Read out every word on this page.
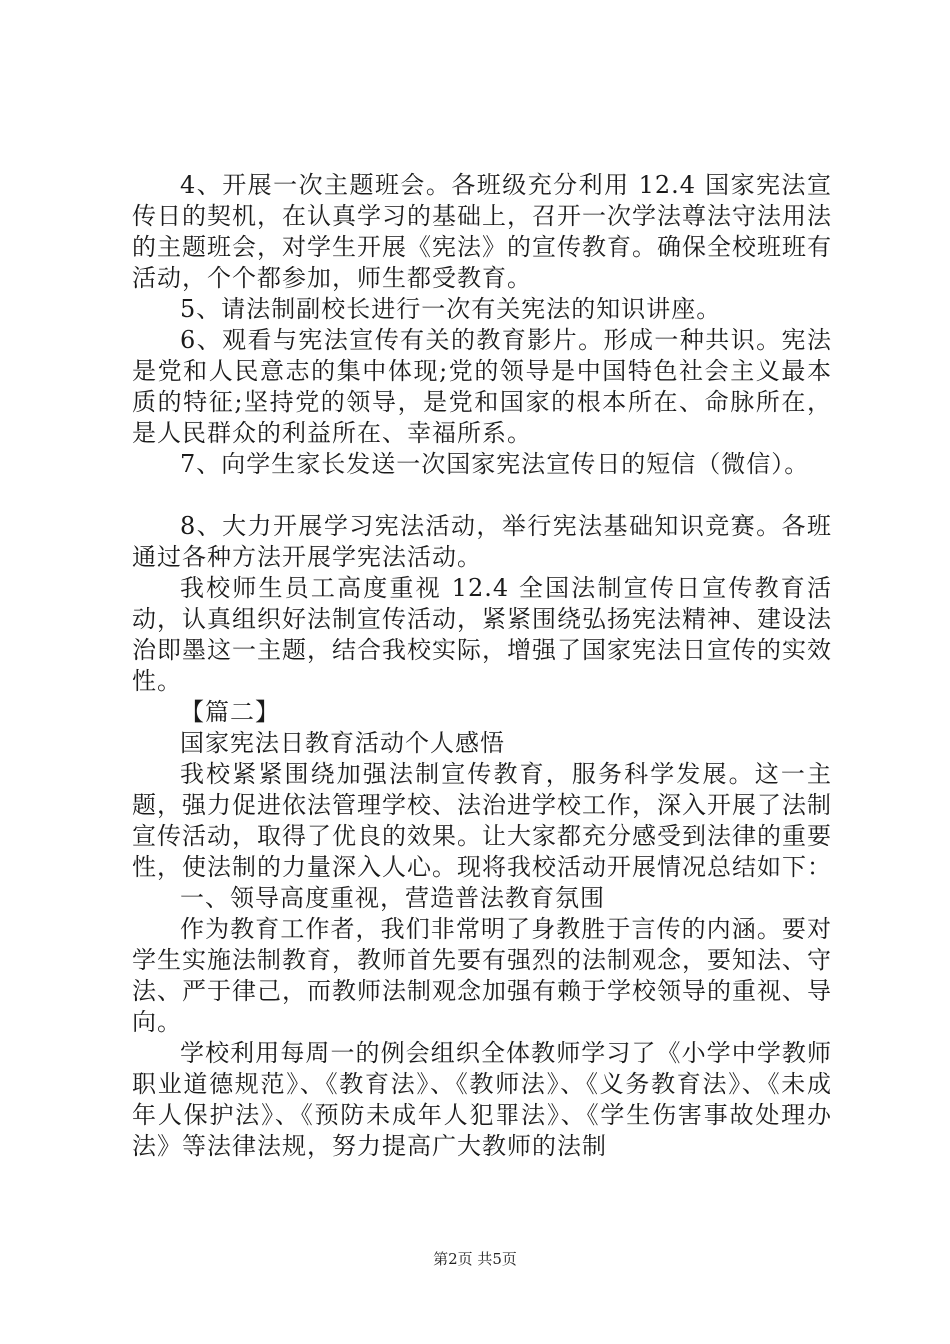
4、开展一次主题班会。各班级充分利用 12.4 国家宪法宣传日的契机，在认真学习的基础上，召开一次学法尊法守法用法的主题班会，对学生开展《宪法》的宣传教育。确保全校班班有活动，个个都参加，师生都受教育。

5、请法制副校长进行一次有关宪法的知识讲座。

6、观看与宪法宣传有关的教育影片。形成一种共识。宪法是党和人民意志的集中体现;党的领导是中国特色社会主义最本质的特征;坚持党的领导，是党和国家的根本所在、命脉所在，是人民群众的利益所在、幸福所系。

7、向学生家长发送一次国家宪法宣传日的短信（微信）。

8、大力开展学习宪法活动，举行宪法基础知识竞赛。各班通过各种方法开展学宪法活动。

我校师生员工高度重视 12.4 全国法制宣传日宣传教育活动，认真组织好法制宣传活动，紧紧围绕弘扬宪法精神、建设法治即墨这一主题，结合我校实际，增强了国家宪法日宣传的实效性。

【篇二】

国家宪法日教育活动个人感悟

我校紧紧围绕加强法制宣传教育，服务科学发展。这一主题，强力促进依法管理学校、法治进学校工作，深入开展了法制宣传活动，取得了优良的效果。让大家都充分感受到法律的重要性，使法制的力量深入人心。现将我校活动开展情况总结如下：

一、领导高度重视，营造普法教育氛围

作为教育工作者，我们非常明了身教胜于言传的内涵。要对学生实施法制教育，教师首先要有强烈的法制观念，要知法、守法、严于律己，而教师法制观念加强有赖于学校领导的重视、导向。

学校利用每周一的例会组织全体教师学习了《小学中学教师职业道德规范》、《教育法》、《教师法》、《义务教育法》、《未成年人保护法》、《预防未成年人犯罪法》、《学生伤害事故处理办法》等法律法规，努力提高广大教师的法制

第2页 共5页
